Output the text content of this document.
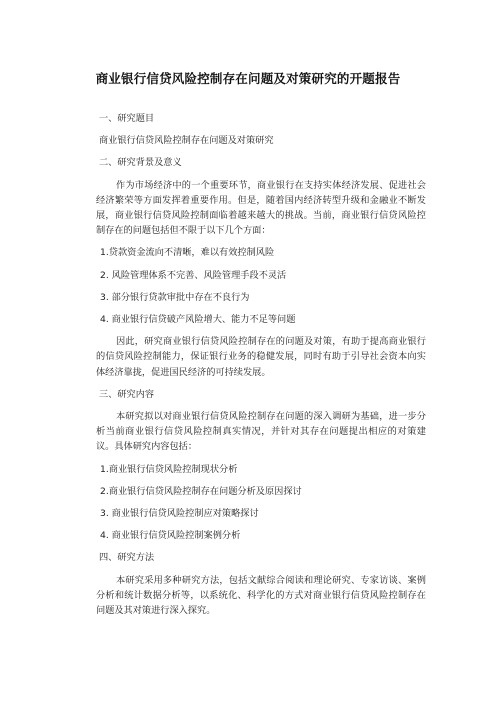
商业银行信贷风险控制存在问题及对策研究的开题报告
一、研究题目
商业银行信贷风险控制存在问题及对策研究
二、研究背景及意义
作为市场经济中的一个重要环节，商业银行在支持实体经济发展、促进社会经济繁荣等方面发挥着重要作用。但是，随着国内经济转型升级和金融业不断发展，商业银行信贷风险控制面临着越来越大的挑战。当前，商业银行信贷风险控制存在的问题包括但不限于以下几个方面：
1.贷款资金流向不清晰，难以有效控制风险
2. 风险管理体系不完善、风险管理手段不灵活
3. 部分银行贷款审批中存在不良行为
4. 商业银行信贷破产风险增大、能力不足等问题
因此，研究商业银行信贷风险控制存在的问题及对策，有助于提高商业银行的信贷风险控制能力，保证银行业务的稳健发展，同时有助于引导社会资本向实体经济靠拢，促进国民经济的可持续发展。
三、研究内容
本研究拟以对商业银行信贷风险控制存在问题的深入调研为基础，进一步分析当前商业银行信贷风险控制真实情况，并针对其存在问题提出相应的对策建议。具体研究内容包括：
1.商业银行信贷风险控制现状分析
2.商业银行信贷风险控制存在问题分析及原因探讨
3. 商业银行信贷风险控制应对策略探讨
4. 商业银行信贷风险控制案例分析
四、研究方法
本研究采用多种研究方法，包括文献综合阅读和理论研究、专家访谈、案例分析和统计数据分析等，以系统化、科学化的方式对商业银行信贷风险控制存在问题及其对策进行深入探究。
